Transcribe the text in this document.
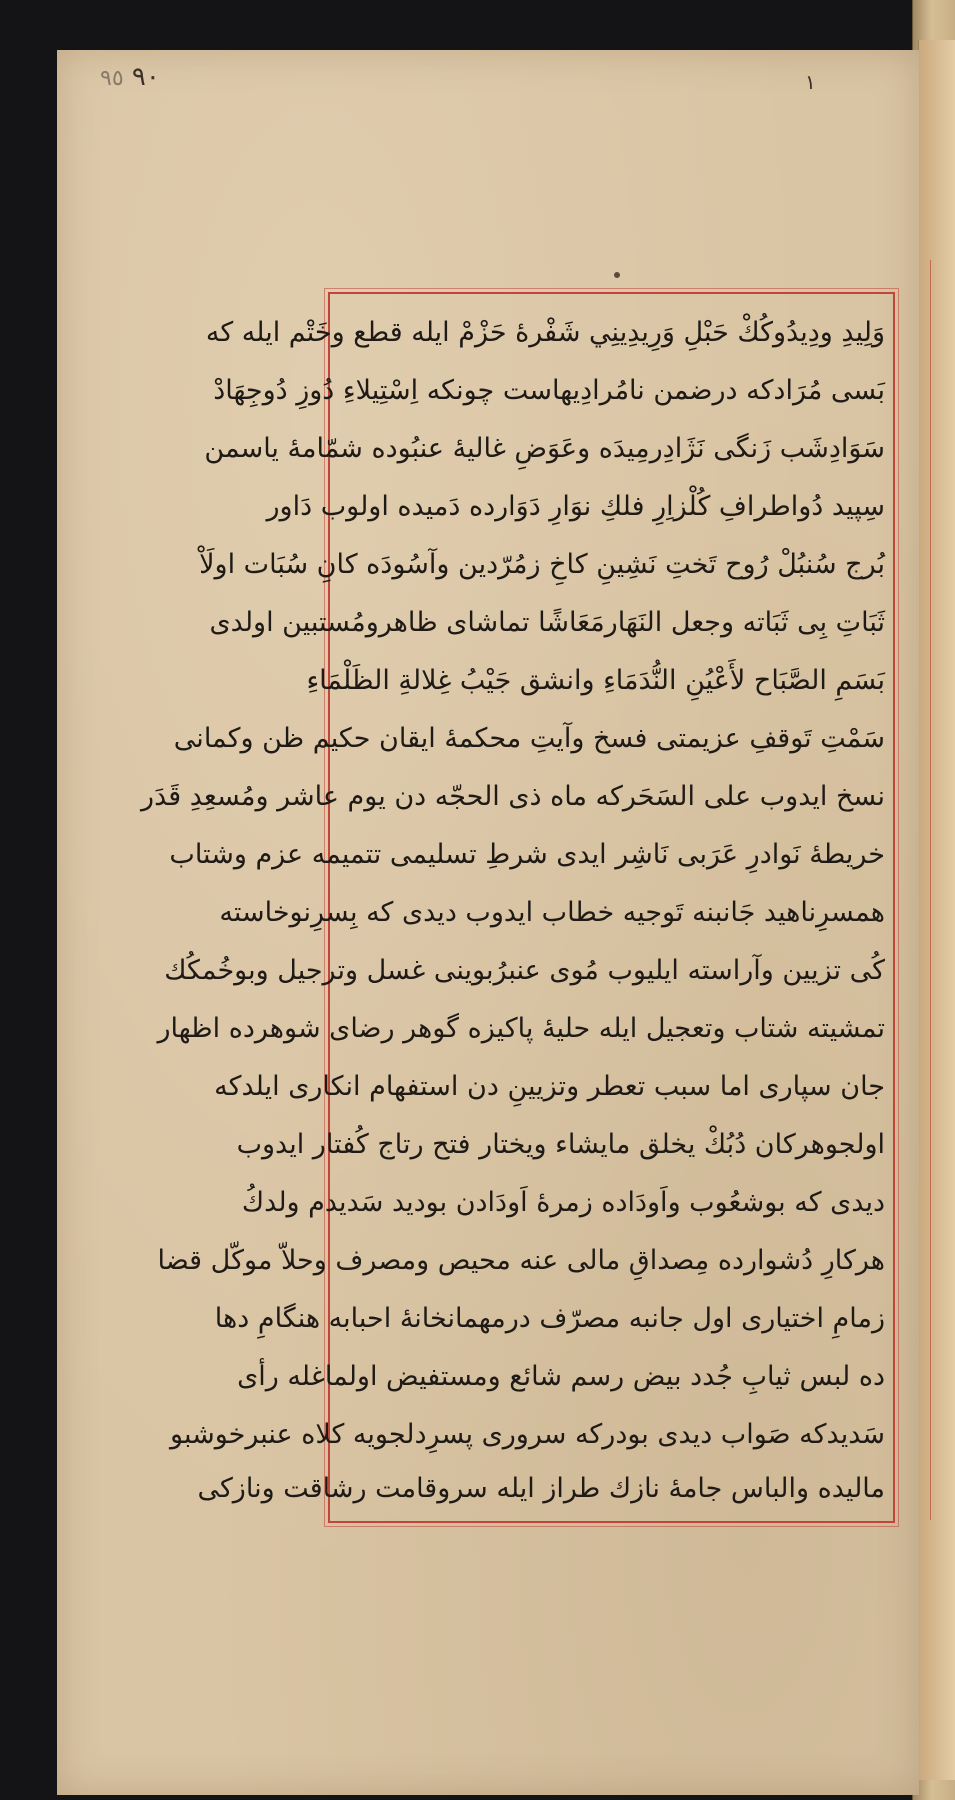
٩٠ ٩٥	١
وَلِيدِ ودِيدُوكُكْ حَبْلِ وَرِيدِينِي شَفْرهٔ حَزْمْ ايله قطع وخَتْم ايله كه
بَسى مُرَادكه درضمن نامُرادِيهاست چونكه اِسْتِيلاءِ دُوزِ دُوجِهَادْ
سَوَادِشَب زَنگى نَژَادِرمِيدَه وعَوَضِ غاليهٔ عنبُوده شمّامهٔ ياسمن
سِپيد دُواطرافِ كُلْزاِرِ فلكِ نوَارِ دَوَارده دَميده اولوب دَاور
بُرج سُنبُلْ رُوح تَختِ نَشِينِ كاخِ زمُرّدين وآسُودَه كانِ سُبَات اولَاْ
ثَبَاتِ بِى ثَبَاته وجعل النَهَارمَعَاشًا تماشاى ظاهرومُستبين اولدى
بَسَمِ الصَّبَاح لأَعْيُنِ النُّدَمَاءِ وانشق جَيْبُ غِلالةِ الظَلْمَاءِ
سَمْتِ تَوقفِ عزيمتى فسخ وآيتِ محكمهٔ ايقان حكيم ظن وكمانى
نسخ ايدوب على السَحَركه ماه ذى الحجّه دن يوم عاشر ومُسعِدِ قَدَر
خريطهٔ نَوادرِ عَرَبى نَاشِر ايدى شرطِ تسليمى تتميمه عزم وشتاب
همسرِناهيد جَانبنه تَوجيه خطاب ايدوب ديدى كه بِسرِنوخاسته
كُى تزيين وآراسته ايليوب مُوى عنبرُبوينى غسل وترجيل وبوخُمكُك
تمشيته شتاب وتعجيل ايله حليهٔ پاكيزه گوهر رضاى شوهرده اظهار
جان سپارى اما سبب تعطر وتزيينِ دن استفهام انكارى ايلدكه
اولجوهركان دُبُكْ يخلق مايشاء ويختار فتح رتاج كُفتار ايدوب
ديدى كه بوشعُوب واَودَاده زمرهٔ اَودَادن بوديد سَديدم ولدكُ
هركارِ دُشوارده مِصداقِ مالى عنه محيص ومصرف وحلاّ موكّل قضا
زمامِ اختيارى اول جانبه مصرّف درمهمانخانهٔ احبابه هنگامِ دها
ده لبس ثيابِ جُدد بيض رسم شائع ومستفيض اولماغله رأى
سَديدكه صَواب ديدى بودركه سرورى پسرِدلجويه كلاه عنبرخوشبو
ماليده والباس جامهٔ نازك طراز ايله سروقامت رشاقت ونازكى
